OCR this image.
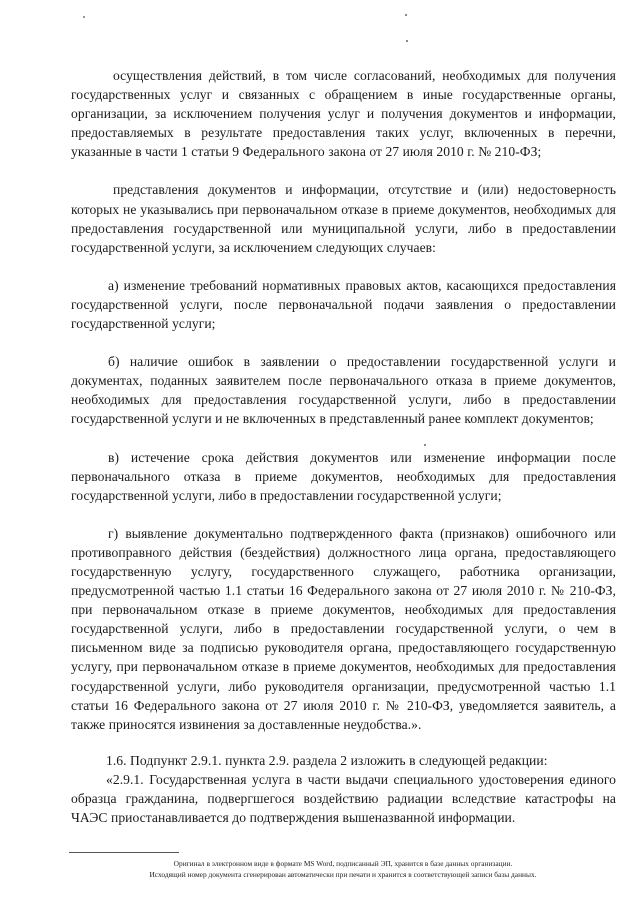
осуществления действий, в том числе согласований, необходимых для получения государственных услуг и связанных с обращением в иные государственные органы, организации, за исключением получения услуг и получения документов и информации, предоставляемых в результате предоставления таких услуг, включенных в перечни, указанные в части 1 статьи 9 Федерального закона от 27 июля 2010 г. № 210-ФЗ;

представления документов и информации, отсутствие и (или) недостоверность которых не указывались при первоначальном отказе в приеме документов, необходимых для предоставления государственной или муниципальной услуги, либо в предоставлении государственной услуги, за исключением следующих случаев:

а) изменение требований нормативных правовых актов, касающихся предоставления государственной услуги, после первоначальной подачи заявления о предоставлении государственной услуги;

б) наличие ошибок в заявлении о предоставлении государственной услуги и документах, поданных заявителем после первоначального отказа в приеме документов, необходимых для предоставления государственной услуги, либо в предоставлении государственной услуги и не включенных в представленный ранее комплект документов;

в) истечение срока действия документов или изменение информации после первоначального отказа в приеме документов, необходимых для предоставления государственной услуги, либо в предоставлении государственной услуги;

г) выявление документально подтвержденного факта (признаков) ошибочного или противоправного действия (бездействия) должностного лица органа, предоставляющего государственную услугу, государственного служащего, работника организации, предусмотренной частью 1.1 статьи 16 Федерального закона от 27 июля 2010 г. № 210-ФЗ, при первоначальном отказе в приеме документов, необходимых для предоставления государственной услуги, либо в предоставлении государственной услуги, о чем в письменном виде за подписью руководителя органа, предоставляющего государственную услугу, при первоначальном отказе в приеме документов, необходимых для предоставления государственной услуги, либо руководителя организации, предусмотренной частью 1.1 статьи 16 Федерального закона от 27 июля 2010 г. № 210-ФЗ, уведомляется заявитель, а также приносятся извинения за доставленные неудобства.».

1.6. Подпункт 2.9.1. пункта 2.9. раздела 2 изложить в следующей редакции:

«2.9.1. Государственная услуга в части выдачи специального удостоверения единого образца гражданина, подвергшегося воздействию радиации вследствие катастрофы на ЧАЭС приостанавливается до подтверждения вышеназванной информации.

Оригинал в электронном виде в формате MS Word, подписанный ЭП, хранится в базе данных организации.
Исходящий номер документа сгенерирован автоматически при печати и хранится в соответствующей записи базы данных.
